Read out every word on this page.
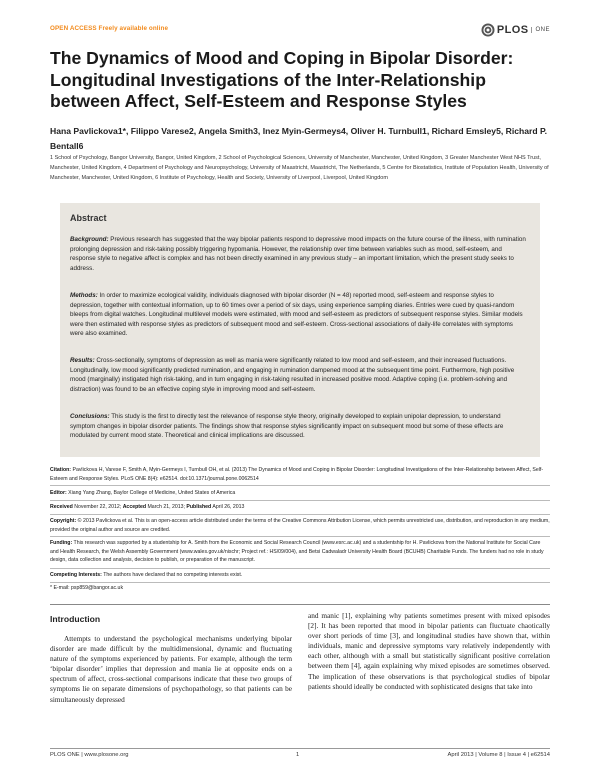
OPEN ACCESS Freely available online	PLOS	ONE
The Dynamics of Mood and Coping in Bipolar Disorder: Longitudinal Investigations of the Inter-Relationship between Affect, Self-Esteem and Response Styles

Hana Pavlickova1*, Filippo Varese2, Angela Smith3, Inez Myin-Germeys4, Oliver H. Turnbull1, Richard Emsley5, Richard P. Bentall6

1 School of Psychology, Bangor University, Bangor, United Kingdom, 2 School of Psychological Sciences, University of Manchester, Manchester, United Kingdom, 3 Greater Manchester West NHS Trust, Manchester, United Kingdom, 4 Department of Psychology and Neuropsychology, University of Maastricht, Maastricht, The Netherlands, 5 Centre for Biostatistics, Institute of Population Health, University of Manchester, Manchester, United Kingdom, 6 Institute of Psychology, Health and Society, University of Liverpool, Liverpool, United Kingdom

Abstract

Background: Previous research has suggested that the way bipolar patients respond to depressive mood impacts on the future course of the illness, with rumination prolonging depression and risk-taking possibly triggering hypomania. However, the relationship over time between variables such as mood, self-esteem, and response style to negative affect is complex and has not been directly examined in any previous study – an important limitation, which the present study seeks to address.

Methods: In order to maximize ecological validity, individuals diagnosed with bipolar disorder (N = 48) reported mood, self-esteem and response styles to depression, together with contextual information, up to 60 times over a period of six days, using experience sampling diaries. Entries were cued by quasi-random bleeps from digital watches. Longitudinal multilevel models were estimated, with mood and self-esteem as predictors of subsequent response styles. Similar models were then estimated with response styles as predictors of subsequent mood and self-esteem. Cross-sectional associations of daily-life correlates with symptoms were also examined.

Results: Cross-sectionally, symptoms of depression as well as mania were significantly related to low mood and self-esteem, and their increased fluctuations. Longitudinally, low mood significantly predicted rumination, and engaging in rumination dampened mood at the subsequent time point. Furthermore, high positive mood (marginally) instigated high risk-taking, and in turn engaging in risk-taking resulted in increased positive mood. Adaptive coping (i.e. problem-solving and distraction) was found to be an effective coping style in improving mood and self-esteem.

Conclusions: This study is the first to directly test the relevance of response style theory, originally developed to explain unipolar depression, to understand symptom changes in bipolar disorder patients. The findings show that response styles significantly impact on subsequent mood but some of these effects are modulated by current mood state. Theoretical and clinical implications are discussed.

Citation: Pavlickova H, Varese F, Smith A, Myin-Germeys I, Turnbull OH, et al. (2013) The Dynamics of Mood and Coping in Bipolar Disorder: Longitudinal Investigations of the Inter-Relationship between Affect, Self-Esteem and Response Styles. PLoS ONE 8(4): e62514. doi:10.1371/journal.pone.0062514

Editor: Xiang Yang Zhang, Baylor College of Medicine, United States of America

Received November 22, 2012; Accepted March 21, 2013; Published April 26, 2013

Copyright: © 2013 Pavlickova et al. This is an open-access article distributed under the terms of the Creative Commons Attribution License, which permits unrestricted use, distribution, and reproduction in any medium, provided the original author and source are credited.

Funding: This research was supported by a studentship for A. Smith from the Economic and Social Research Council (www.esrc.ac.uk) and a studentship for H. Pavlickova from the National Institute for Social Care and Health Research, the Welsh Assembly Government (www.wales.gov.uk/nischr; Project ref.: HS/09/004), and Betsi Cadwaladr University Health Board (BCUHB) Charitable Funds. The funders had no role in study design, data collection and analysis, decision to publish, or preparation of the manuscript.

Competing Interests: The authors have declared that no competing interests exist.

* E-mail: psp859@bangor.ac.uk

Introduction

Attempts to understand the psychological mechanisms underlying bipolar disorder are made difficult by the multidimensional, dynamic and fluctuating nature of the symptoms experienced by patients. For example, although the term ‘bipolar disorder’ implies that depression and mania lie at opposite ends on a spectrum of affect, cross-sectional comparisons indicate that these two groups of symptoms lie on separate dimensions of psychopathology, so that patients can be simultaneously depressed

and manic [1], explaining why patients sometimes present with mixed episodes [2]. It has been reported that mood in bipolar patients can fluctuate chaotically over short periods of time [3], and longitudinal studies have shown that, within individuals, manic and depressive symptoms vary relatively independently with each other, although with a small but statistically significant positive correlation between them [4], again explaining why mixed episodes are sometimes observed. The implication of these observations is that psychological studies of bipolar patients should ideally be conducted with sophisticated designs that take into

PLOS ONE | www.plosone.org	1	April 2013 | Volume 8 | Issue 4 | e62514
